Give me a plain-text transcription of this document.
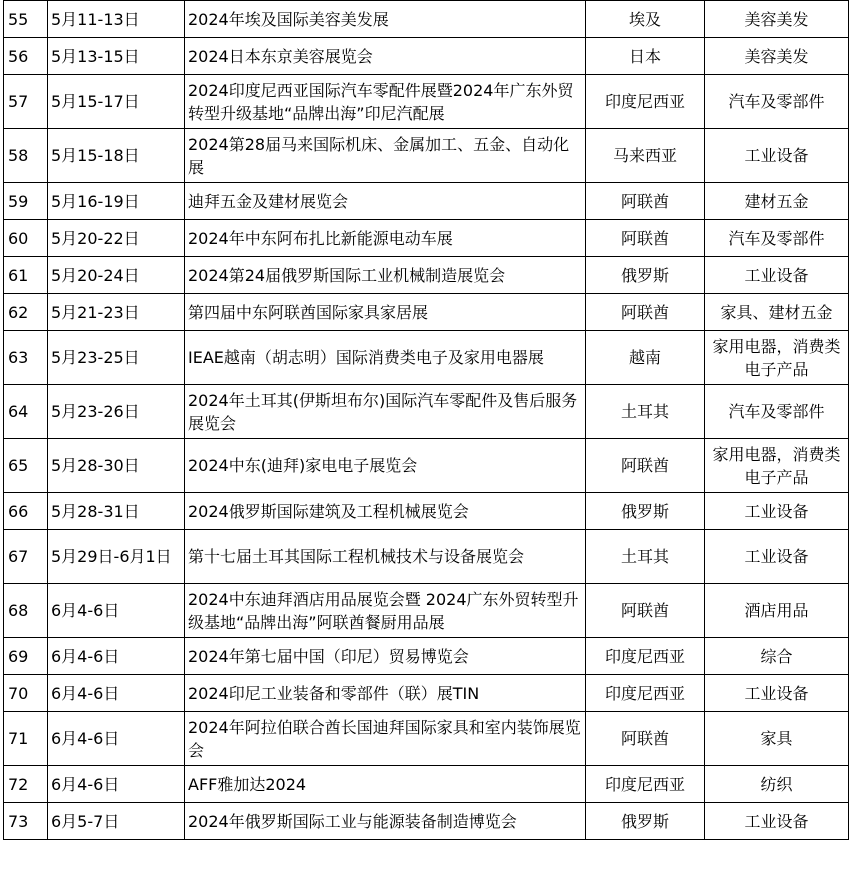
55	5月11-13日	2024年埃及国际美容美发展	埃及	美容美发
56	5月13-15日	2024日本东京美容展览会	日本	美容美发
57	5月15-17日	2024印度尼西亚国际汽车零配件展暨2024年广东外贸转型升级基地“品牌出海”印尼汽配展	印度尼西亚	汽车及零部件
58	5月15-18日	2024第28届马来国际机床、金属加工、五金、自动化展	马来西亚	工业设备
59	5月16-19日	迪拜五金及建材展览会	阿联酋	建材五金
60	5月20-22日	2024年中东阿布扎比新能源电动车展	阿联酋	汽车及零部件
61	5月20-24日	2024第24届俄罗斯国际工业机械制造展览会	俄罗斯	工业设备
62	5月21-23日	第四届中东阿联酋国际家具家居展	阿联酋	家具、建材五金
63	5月23-25日	IEAE越南（胡志明）国际消费类电子及家用电器展	越南	家用电器，消费类电子产品
64	5月23-26日	2024年土耳其(伊斯坦布尔)国际汽车零配件及售后服务展览会	土耳其	汽车及零部件
65	5月28-30日	2024中东(迪拜)家电电子展览会	阿联酋	家用电器，消费类电子产品
66	5月28-31日	2024俄罗斯国际建筑及工程机械展览会	俄罗斯	工业设备
67	5月29日-6月1日	第十七届土耳其国际工程机械技术与设备展览会	土耳其	工业设备
68	6月4-6日	2024中东迪拜酒店用品展览会暨 2024广东外贸转型升级基地“品牌出海”阿联酋餐厨用品展	阿联酋	酒店用品
69	6月4-6日	2024年第七届中国（印尼）贸易博览会	印度尼西亚	综合
70	6月4-6日	2024印尼工业装备和零部件（联）展TIN	印度尼西亚	工业设备
71	6月4-6日	2024年阿拉伯联合酋长国迪拜国际家具和室内装饰展览会	阿联酋	家具
72	6月4-6日	AFF雅加达2024	印度尼西亚	纺织
73	6月5-7日	2024年俄罗斯国际工业与能源装备制造博览会	俄罗斯	工业设备
